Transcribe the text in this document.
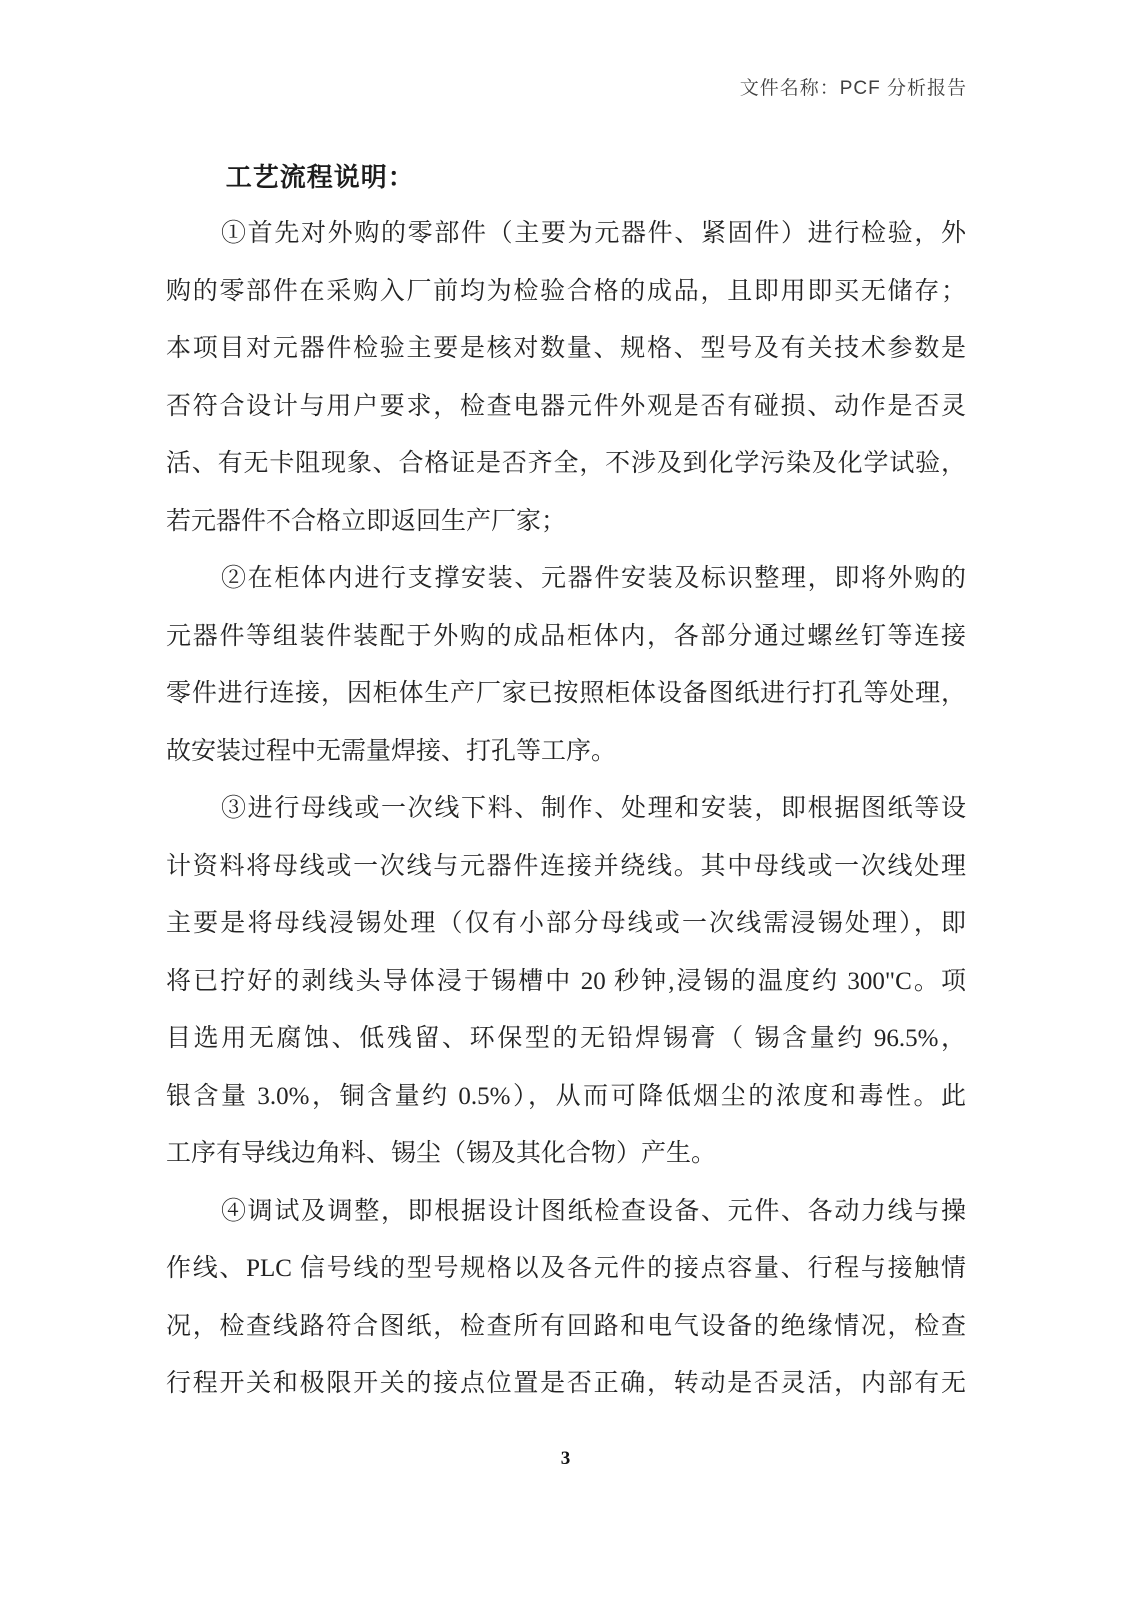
文件名称：PCF 分析报告
工艺流程说明：
①首先对外购的零部件（主要为元器件、紧固件）进行检验，外
购的零部件在采购入厂前均为检验合格的成品，且即用即买无储存；
本项目对元器件检验主要是核对数量、规格、型号及有关技术参数是
否符合设计与用户要求，检查电器元件外观是否有碰损、动作是否灵
活、有无卡阻现象、合格证是否齐全，不涉及到化学污染及化学试验，
若元器件不合格立即返回生产厂家；
②在柜体内进行支撑安装、元器件安装及标识整理，即将外购的
元器件等组装件装配于外购的成品柜体内，各部分通过螺丝钉等连接
零件进行连接，因柜体生产厂家已按照柜体设备图纸进行打孔等处理，
故安装过程中无需量焊接、打孔等工序。
③进行母线或一次线下料、制作、处理和安装，即根据图纸等设
计资料将母线或一次线与元器件连接并绕线。其中母线或一次线处理
主要是将母线浸锡处理（仅有小部分母线或一次线需浸锡处理），即
将已拧好的剥线头导体浸于锡槽中 20 秒钟,浸锡的温度约 300"C。项
目选用无腐蚀、低残留、环保型的无铅焊锡膏（ 锡含量约 96.5%，
银含量 3.0%，铜含量约 0.5%），从而可降低烟尘的浓度和毒性。此
工序有导线边角料、锡尘（锡及其化合物）产生。
④调试及调整，即根据设计图纸检查设备、元件、各动力线与操
作线、PLC 信号线的型号规格以及各元件的接点容量、行程与接触情
况，检查线路符合图纸，检查所有回路和电气设备的绝缘情况，检查
行程开关和极限开关的接点位置是否正确，转动是否灵活，内部有无
3
